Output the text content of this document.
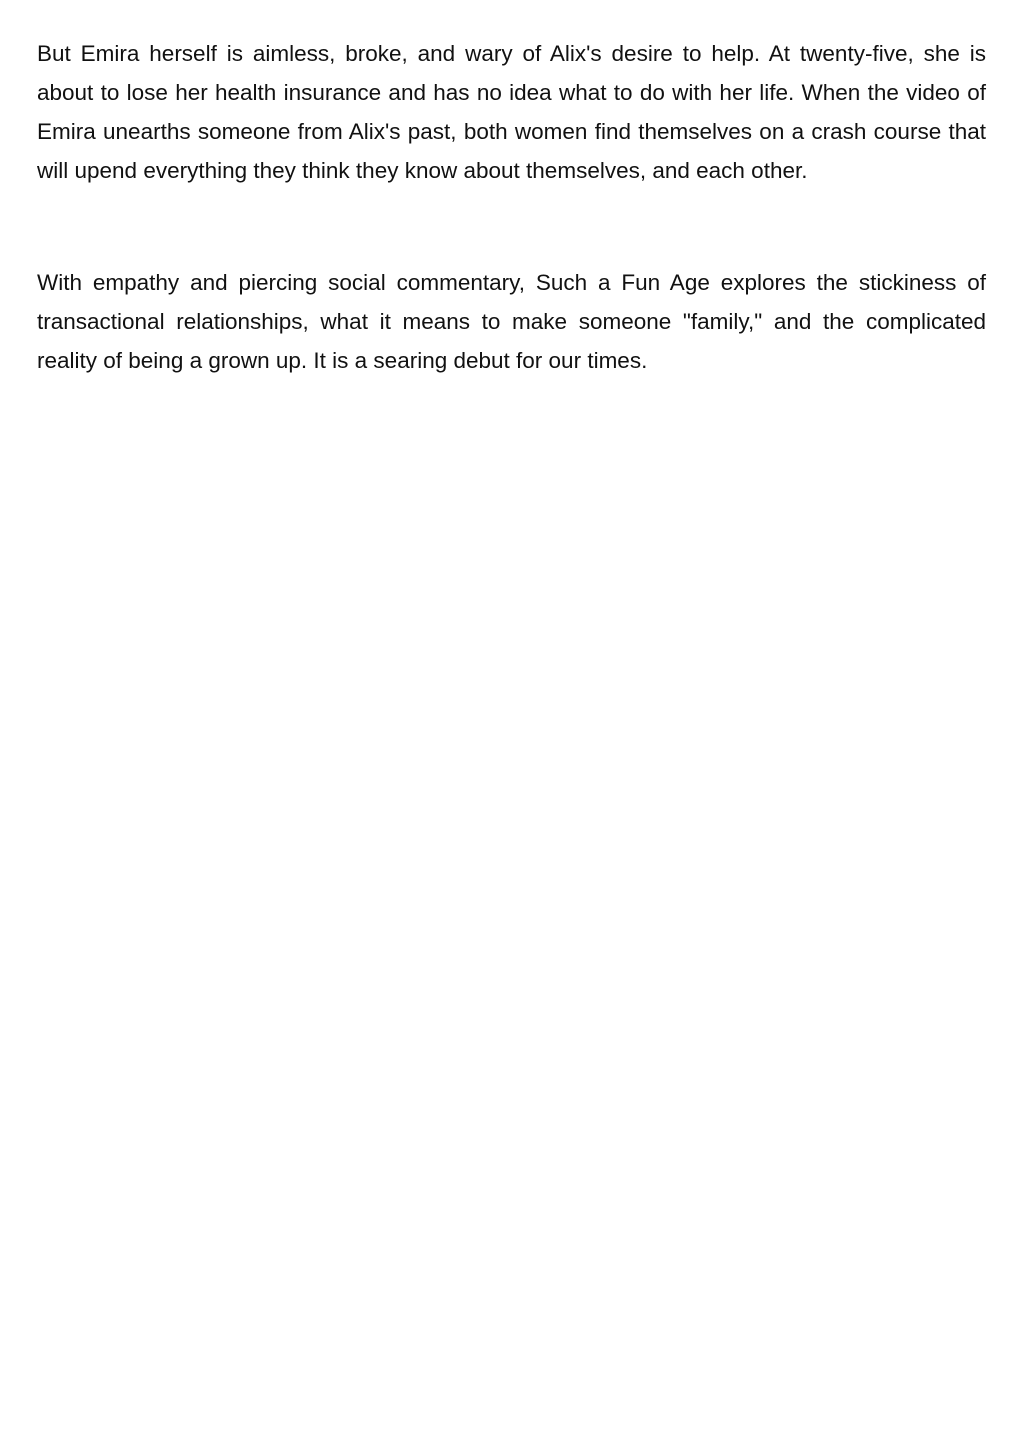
But Emira herself is aimless, broke, and wary of Alix's desire to help. At twenty-five, she is about to lose her health insurance and has no idea what to do with her life. When the video of Emira unearths someone from Alix's past, both women find themselves on a crash course that will upend everything they think they know about themselves, and each other.

With empathy and piercing social commentary, Such a Fun Age explores the stickiness of transactional relationships, what it means to make someone "family," and the complicated reality of being a grown up. It is a searing debut for our times.
